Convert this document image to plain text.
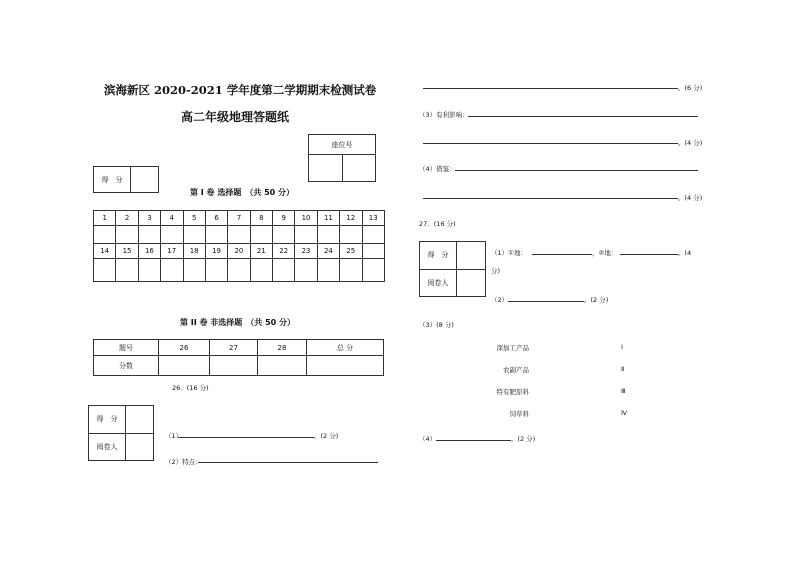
滨海新区 2020-2021 学年度第二学期期末检测试卷
高二年级地理答题纸
座位号

得　分	
第 I 卷 选择题　（共 50 分）
1	2	3	4	5	6	7	8	9	10	11	12	13

14	15	16	17	18	19	20	21	22	23	24	25	

第 II 卷 非选择题　（共 50 分）
题号	26	27	28	总 分
分数				
26．(16 分)
得　分	
阅卷人	
（1）	。(2 分)
（2）特点：
。(6 分)
（3）有利影响：
。(4 分)
（4）借鉴：
。(4 分)
27．(16 分)
得　分	
阅卷人	
（1）①地：	，②地：	。(4
分)
（2）	。(2 分)
（3）(8 分)
深加工产品	Ⅰ
农副产品	Ⅱ
特有肥原料	Ⅲ
饲草料	Ⅳ
（4）	。(2 分)
